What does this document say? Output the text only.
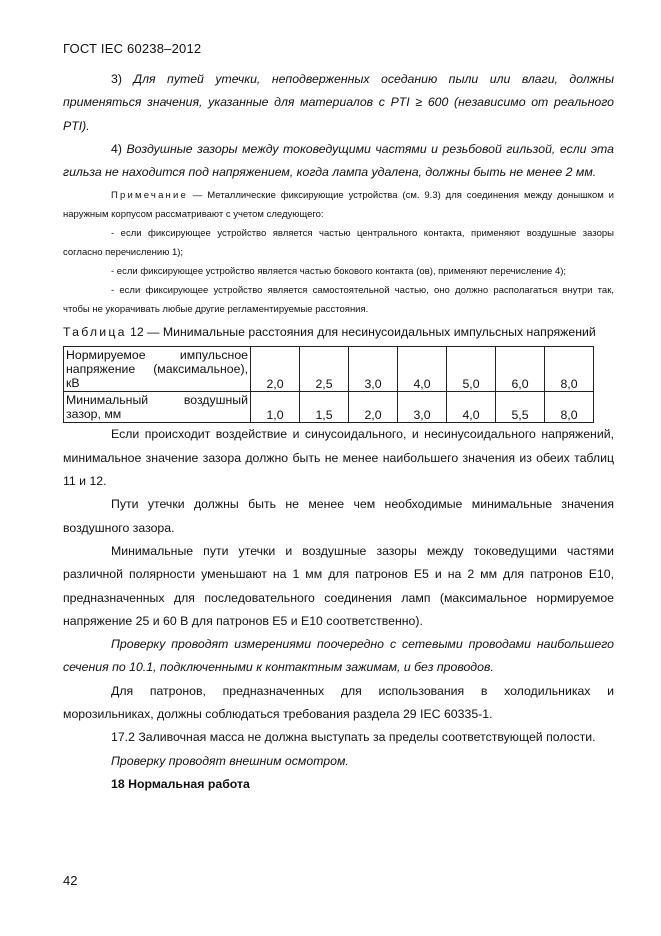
ГОСТ IEC 60238–2012

3) Для путей утечки, неподверженных оседанию пыли или влаги, должны применяться значения, указанные для материалов с PTI ≥ 600 (независимо от реального PTI).

4) Воздушные зазоры между токоведущими частями и резьбовой гильзой, если эта гильза не находится под напряжением, когда лампа удалена, должны быть не менее 2 мм.

Примечание — Металлические фиксирующие устройства (см. 9.3) для соединения между донышком и наружным корпусом рассматривают с учетом следующего:

- если фиксирующее устройство является частью центрального контакта, применяют воздушные зазоры согласно перечислению 1);

- если фиксирующее устройство является частью бокового контакта (ов), применяют перечисление 4);

- если фиксирующее устройство является самостоятельной частью, оно должно располагаться внутри так, чтобы не укорачивать любые другие регламентируемые расстояния.

Таблица 12 — Минимальные расстояния для несинусоидальных импульсных напряжений

Нормируемое импульсное напряжение (максимальное), кВ	2,0	2,5	3,0	4,0	5,0	6,0	8,0
Минимальный воздушный зазор, мм	1,0	1,5	2,0	3,0	4,0	5,5	8,0

Если происходит воздействие и синусоидального, и несинусоидального напряжений, минимальное значение зазора должно быть не менее наибольшего значения из обеих таблиц 11 и 12.

Пути утечки должны быть не менее чем необходимые минимальные значения воздушного зазора.

Минимальные пути утечки и воздушные зазоры между токоведущими частями различной полярности уменьшают на 1 мм для патронов E5 и на 2 мм для патронов E10, предназначенных для последовательного соединения ламп (максимальное нормируемое напряжение 25 и 60 В для патронов E5 и E10 соответственно).

Проверку проводят измерениями поочередно с сетевыми проводами наибольшего сечения по 10.1, подключенными к контактным зажимам, и без проводов.

Для патронов, предназначенных для использования в холодильниках и морозильниках, должны соблюдаться требования раздела 29 IEC 60335-1.

17.2 Заливочная масса не должна выступать за пределы соответствующей полости.

Проверку проводят внешним осмотром.

18 Нормальная работа

42
